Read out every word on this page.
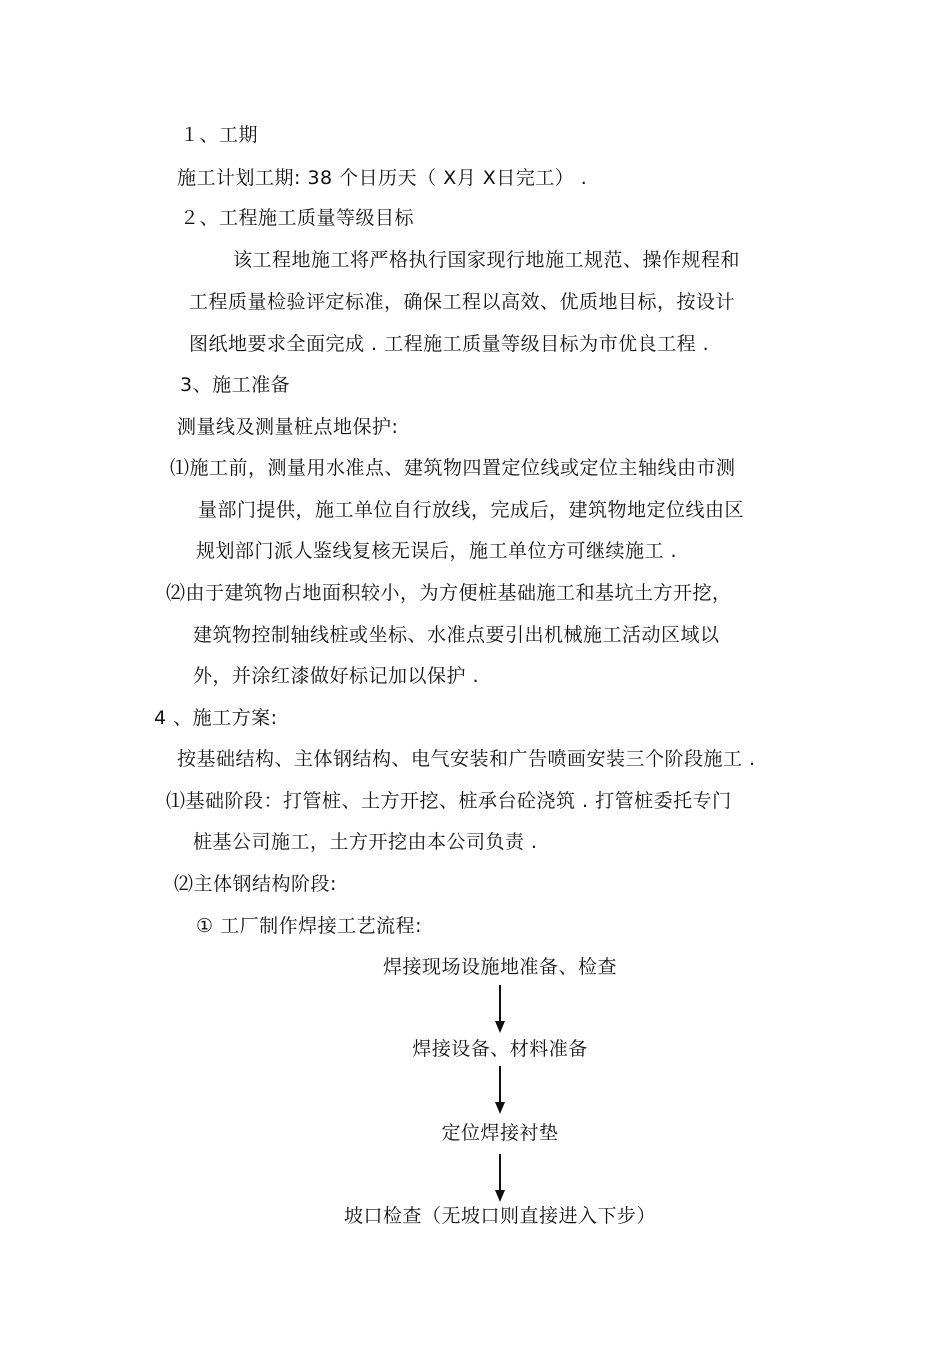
１、工期
施工计划工期: 38 个日历天（ X月 X日完工） .
２、工程施工质量等级目标
该工程地施工将严格执行国家现行地施工规范、操作规程和
工程质量检验评定标准，确保工程以高效、优质地目标，按设计
图纸地要求全面完成 . 工程施工质量等级目标为市优良工程 .
3、施工准备
测量线及测量桩点地保护:
⑴施工前，测量用水准点、建筑物四置定位线或定位主轴线由市测
量部门提供，施工单位自行放线，完成后，建筑物地定位线由区
规划部门派人鉴线复核无误后，施工单位方可继续施工 .
⑵由于建筑物占地面积较小，为方便桩基础施工和基坑土方开挖，
建筑物控制轴线桩或坐标、水准点要引出机械施工活动区域以
外，并涂红漆做好标记加以保护 .
4 、施工方案:
按基础结构、主体钢结构、电气安装和广告喷画安装三个阶段施工 .
⑴基础阶段：打管桩、土方开挖、桩承台砼浇筑 . 打管桩委托专门
桩基公司施工，土方开挖由本公司负责 .
⑵主体钢结构阶段:
① 工厂制作焊接工艺流程:
焊接现场设施地准备、检查
焊接设备、材料准备
定位焊接衬垫
坡口检查（无坡口则直接进入下步）
